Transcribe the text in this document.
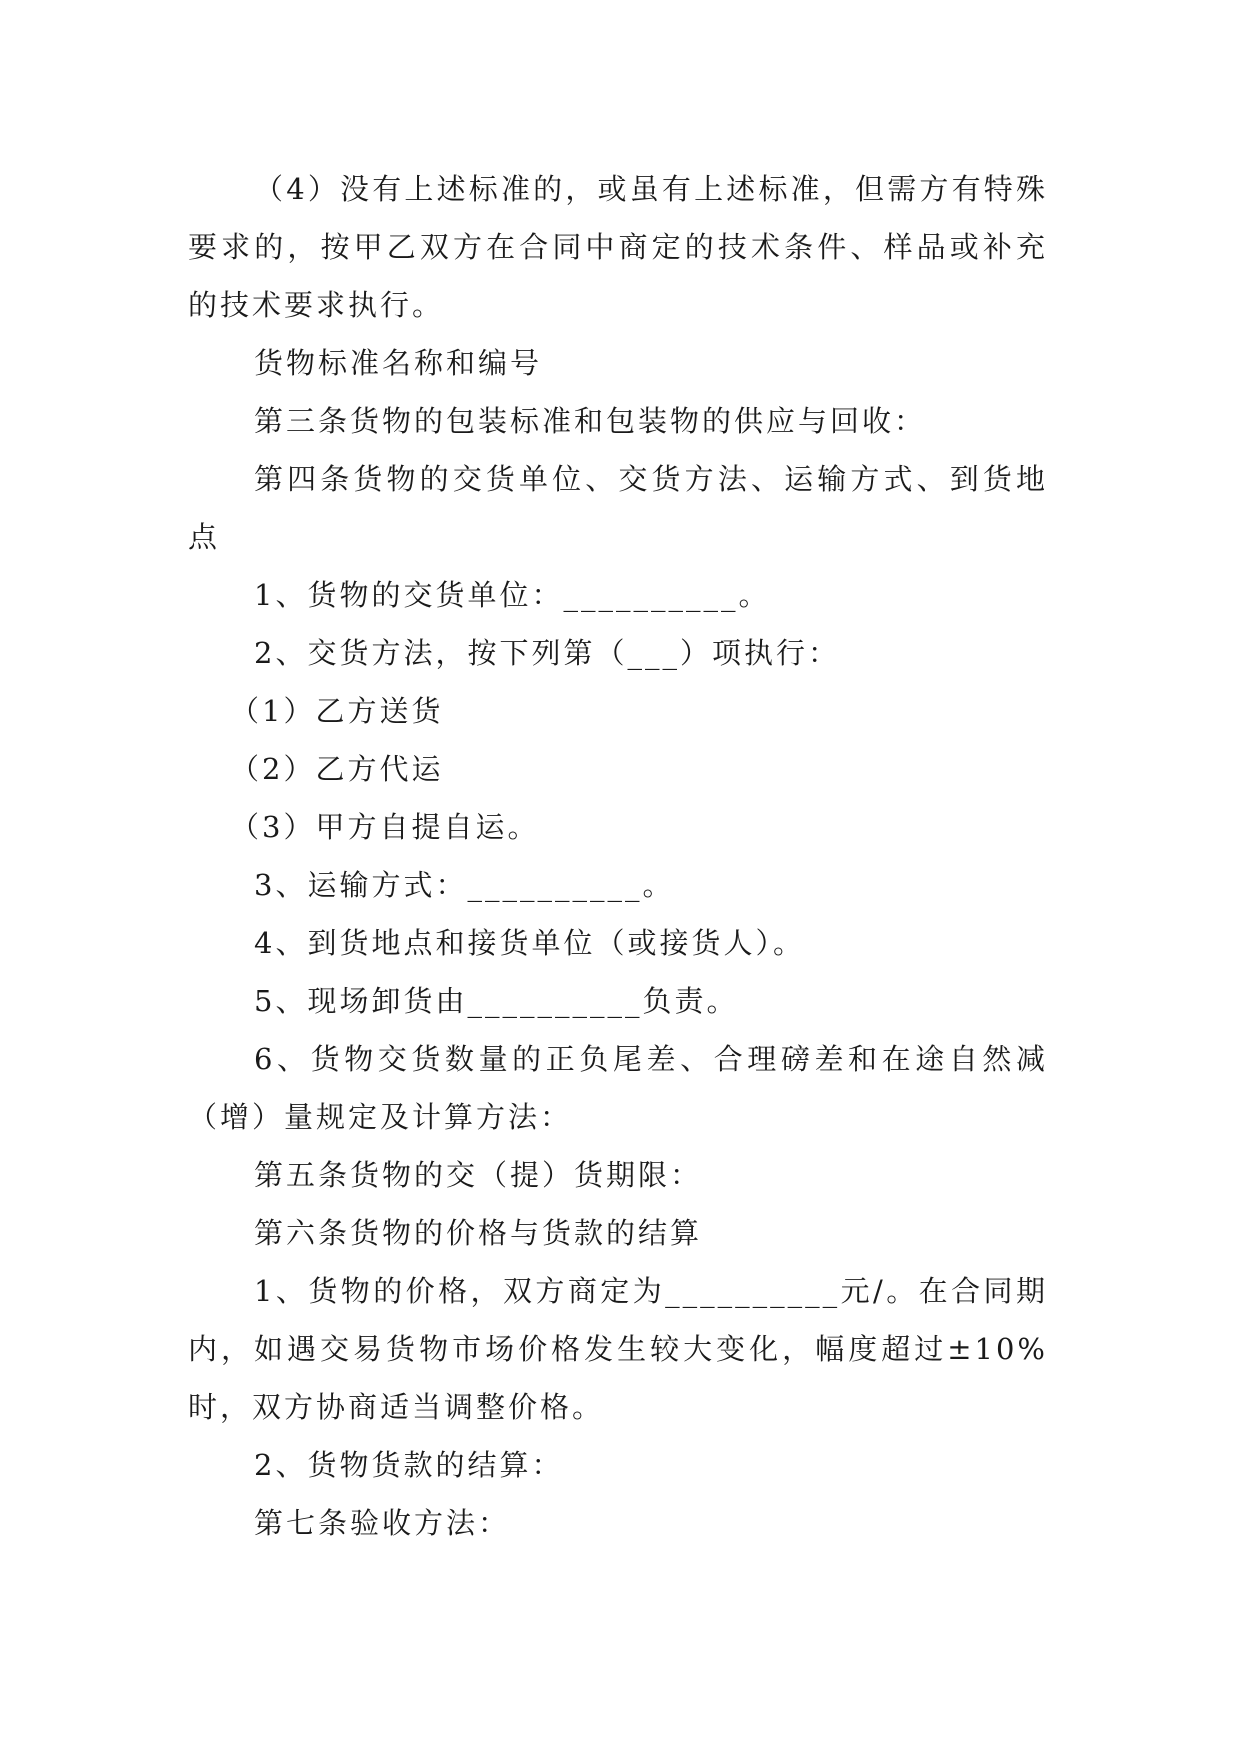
（4）没有上述标准的，或虽有上述标准，但需方有特殊要求的，按甲乙双方在合同中商定的技术条件、样品或补充的技术要求执行。

货物标准名称和编号

第三条货物的包装标准和包装物的供应与回收：

第四条货物的交货单位、交货方法、运输方式、到货地点

1、货物的交货单位：__________。

2、交货方法，按下列第（___）项执行：

（1）乙方送货

（2）乙方代运

（3）甲方自提自运。

3、运输方式：__________。

4、到货地点和接货单位（或接货人）。

5、现场卸货由__________负责。

6、货物交货数量的正负尾差、合理磅差和在途自然减（增）量规定及计算方法：

第五条货物的交（提）货期限：

第六条货物的价格与货款的结算

1、货物的价格，双方商定为__________元/。在合同期内，如遇交易货物市场价格发生较大变化，幅度超过±10%时，双方协商适当调整价格。

2、货物货款的结算：

第七条验收方法：
